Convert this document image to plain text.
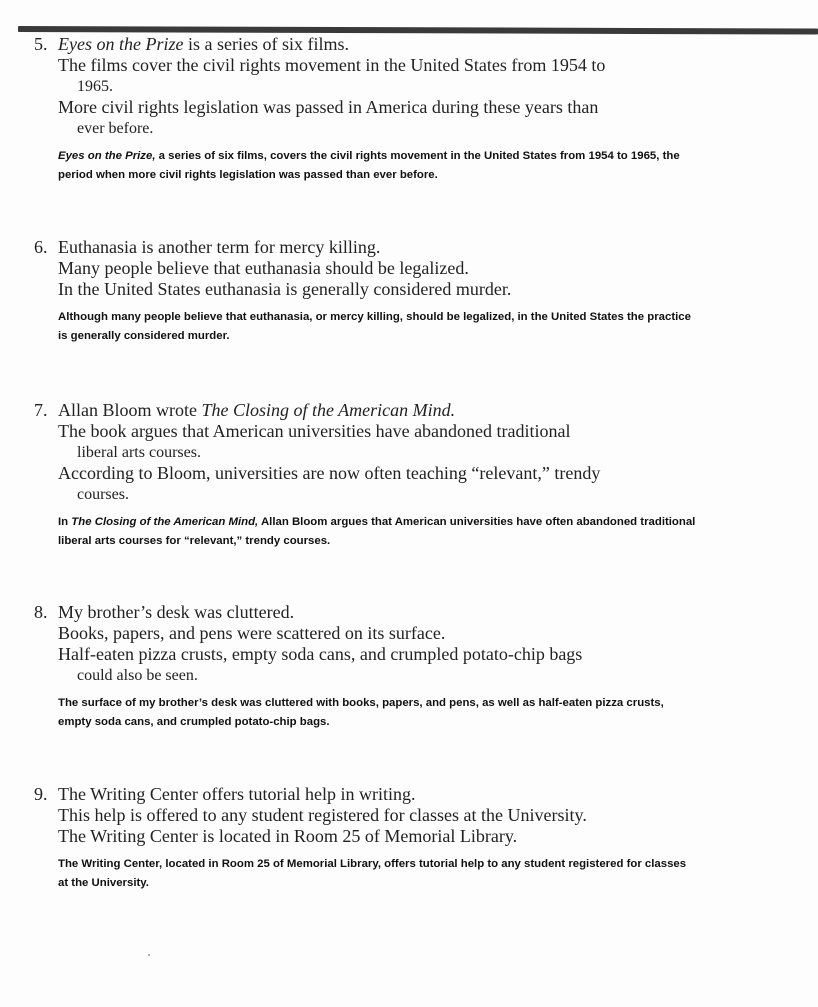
5. Eyes on the Prize is a series of six films.
The films cover the civil rights movement in the United States from 1954 to
1965.
More civil rights legislation was passed in America during these years than
ever before.
Eyes on the Prize, a series of six films, covers the civil rights movement in the United States from 1954 to 1965, the period when more civil rights legislation was passed than ever before.
6. Euthanasia is another term for mercy killing.
Many people believe that euthanasia should be legalized.
In the United States euthanasia is generally considered murder.
Although many people believe that euthanasia, or mercy killing, should be legalized, in the United States the practice is generally considered murder.
7. Allan Bloom wrote The Closing of the American Mind.
The book argues that American universities have abandoned traditional
liberal arts courses.
According to Bloom, universities are now often teaching “relevant,” trendy
courses.
In The Closing of the American Mind, Allan Bloom argues that American universities have often abandoned traditional liberal arts courses for “relevant,” trendy courses.
8. My brother’s desk was cluttered.
Books, papers, and pens were scattered on its surface.
Half-eaten pizza crusts, empty soda cans, and crumpled potato-chip bags
could also be seen.
The surface of my brother’s desk was cluttered with books, papers, and pens, as well as half-eaten pizza crusts, empty soda cans, and crumpled potato-chip bags.
9. The Writing Center offers tutorial help in writing.
This help is offered to any student registered for classes at the University.
The Writing Center is located in Room 25 of Memorial Library.
The Writing Center, located in Room 25 of Memorial Library, offers tutorial help to any student registered for classes at the University.
